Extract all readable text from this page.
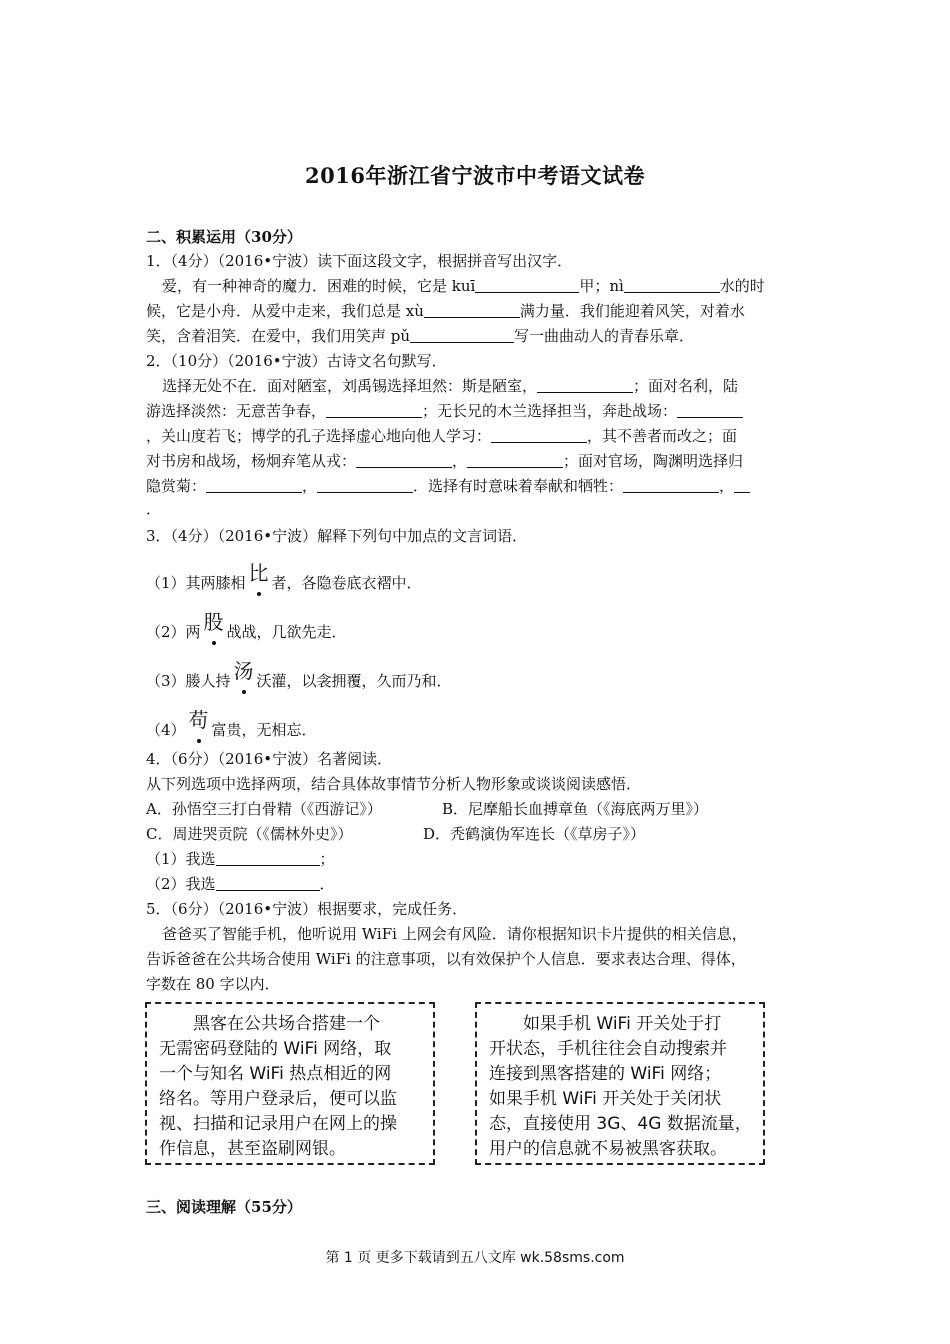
2016年浙江省宁波市中考语文试卷
二、积累运用（30分）
1．（4分）（2016•宁波）读下面这段文字，根据拼音写出汉字．
爱，有一种神奇的魔力．困难的时候，它是 kuī	甲；nì	水的时
候，它是小舟．从爱中走来，我们总是 xù	满力量．我们能迎着风笑，对着水
笑，含着泪笑．在爱中，我们用笑声 pǔ	写一曲曲动人的青春乐章．
2．（10分）（2016•宁波）古诗文名句默写．
选择无处不在．面对陋室，刘禹锡选择坦然：斯是陋室，	；面对名利，陆
游选择淡然：无意苦争春，	；无长兄的木兰选择担当，奔赴战场：
，关山度若飞；博学的孔子选择虚心地向他人学习：	，其不善者而改之；面
对书房和战场，杨炯弃笔从戎：	，	；面对官场，陶渊明选择归
隐赏菊：	，	．选择有时意味着奉献和牺牲：	，
．
3．（4分）（2016•宁波）解释下列句中加点的文言词语．
（1）其两膝相 比 者，各隐卷底衣褶中．
（2）两 股 战战，几欲先走．
（3）媵人持 汤 沃灌，以衾拥覆，久而乃和．
（4） 苟 富贵，无相忘．
4．（6分）（2016•宁波）名著阅读．
从下列选项中选择两项，结合具体故事情节分析人物形象或谈谈阅读感悟．
A．孙悟空三打白骨精（《西游记》）	B．尼摩船长血搏章鱼（《海底两万里》）
C．周进哭贡院（《儒林外史》）	D．秃鹤演伪军连长（《草房子》）
（1）我选	；
（2）我选	．
5．（6分）（2016•宁波）根据要求，完成任务．
爸爸买了智能手机，他听说用 WiFi 上网会有风险．请你根据知识卡片提供的相关信息，
告诉爸爸在公共场合使用 WiFi 的注意事项，以有效保护个人信息．要求表达合理、得体，
字数在 80 字以内．
　　黑客在公共场合搭建一个
无需密码登陆的 WiFi 网络，取
一个与知名 WiFi 热点相近的网
络名。等用户登录后，便可以监
视、扫描和记录用户在网上的操
作信息，甚至盗刷网银。
　　如果手机 WiFi 开关处于打
开状态，手机往往会自动搜索并
连接到黑客搭建的 WiFi 网络；
如果手机 WiFi 开关处于关闭状
态，直接使用 3G、4G 数据流量，
用户的信息就不易被黑客获取。
三、阅读理解（55分）
第 1 页 更多下载请到五八文库 wk.58sms.com
